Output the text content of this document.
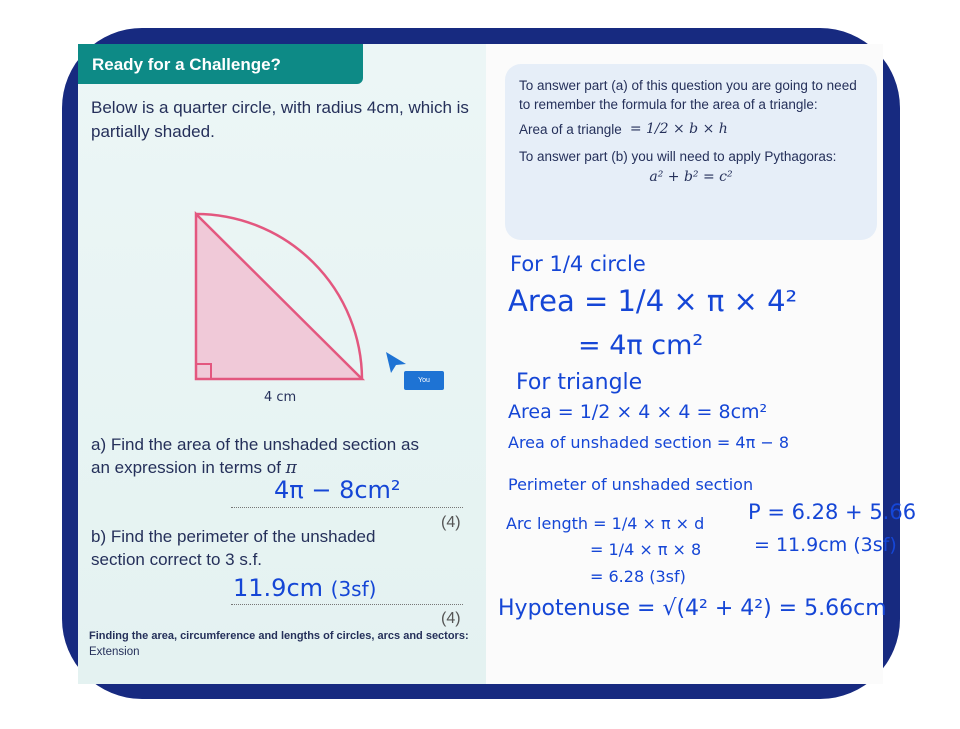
Ready for a Challenge?
Below is a quarter circle, with radius 4cm, which is partially shaded.
4 cm
a) Find the area of the unshaded section as
an expression in terms of π
4π − 8cm²
(4)
b) Find the perimeter of the unshaded
section correct to 3 s.f.
11.9cm (3sf)
(4)
Finding the area, circumference and lengths of circles, arcs and sectors:
Extension
You
To answer part (a) of this question you are going to need to remember the formula for the area of a triangle:
Area of a triangle = 1/2 × b × h
To answer part (b) you will need to apply Pythagoras:
a² + b² = c²
For 1/4 circle
Area = 1/4 × π × 4²
= 4π cm²
For triangle
Area = 1/2 × 4 × 4 = 8cm²
Area of unshaded section = 4π − 8
Perimeter of unshaded section
Arc length = 1/4 × π × d
= 1/4 × π × 8
= 6.28 (3sf)
Hypotenuse = √(4² + 4²) = 5.66cm
P = 6.28 + 5.66
= 11.9cm (3sf)
